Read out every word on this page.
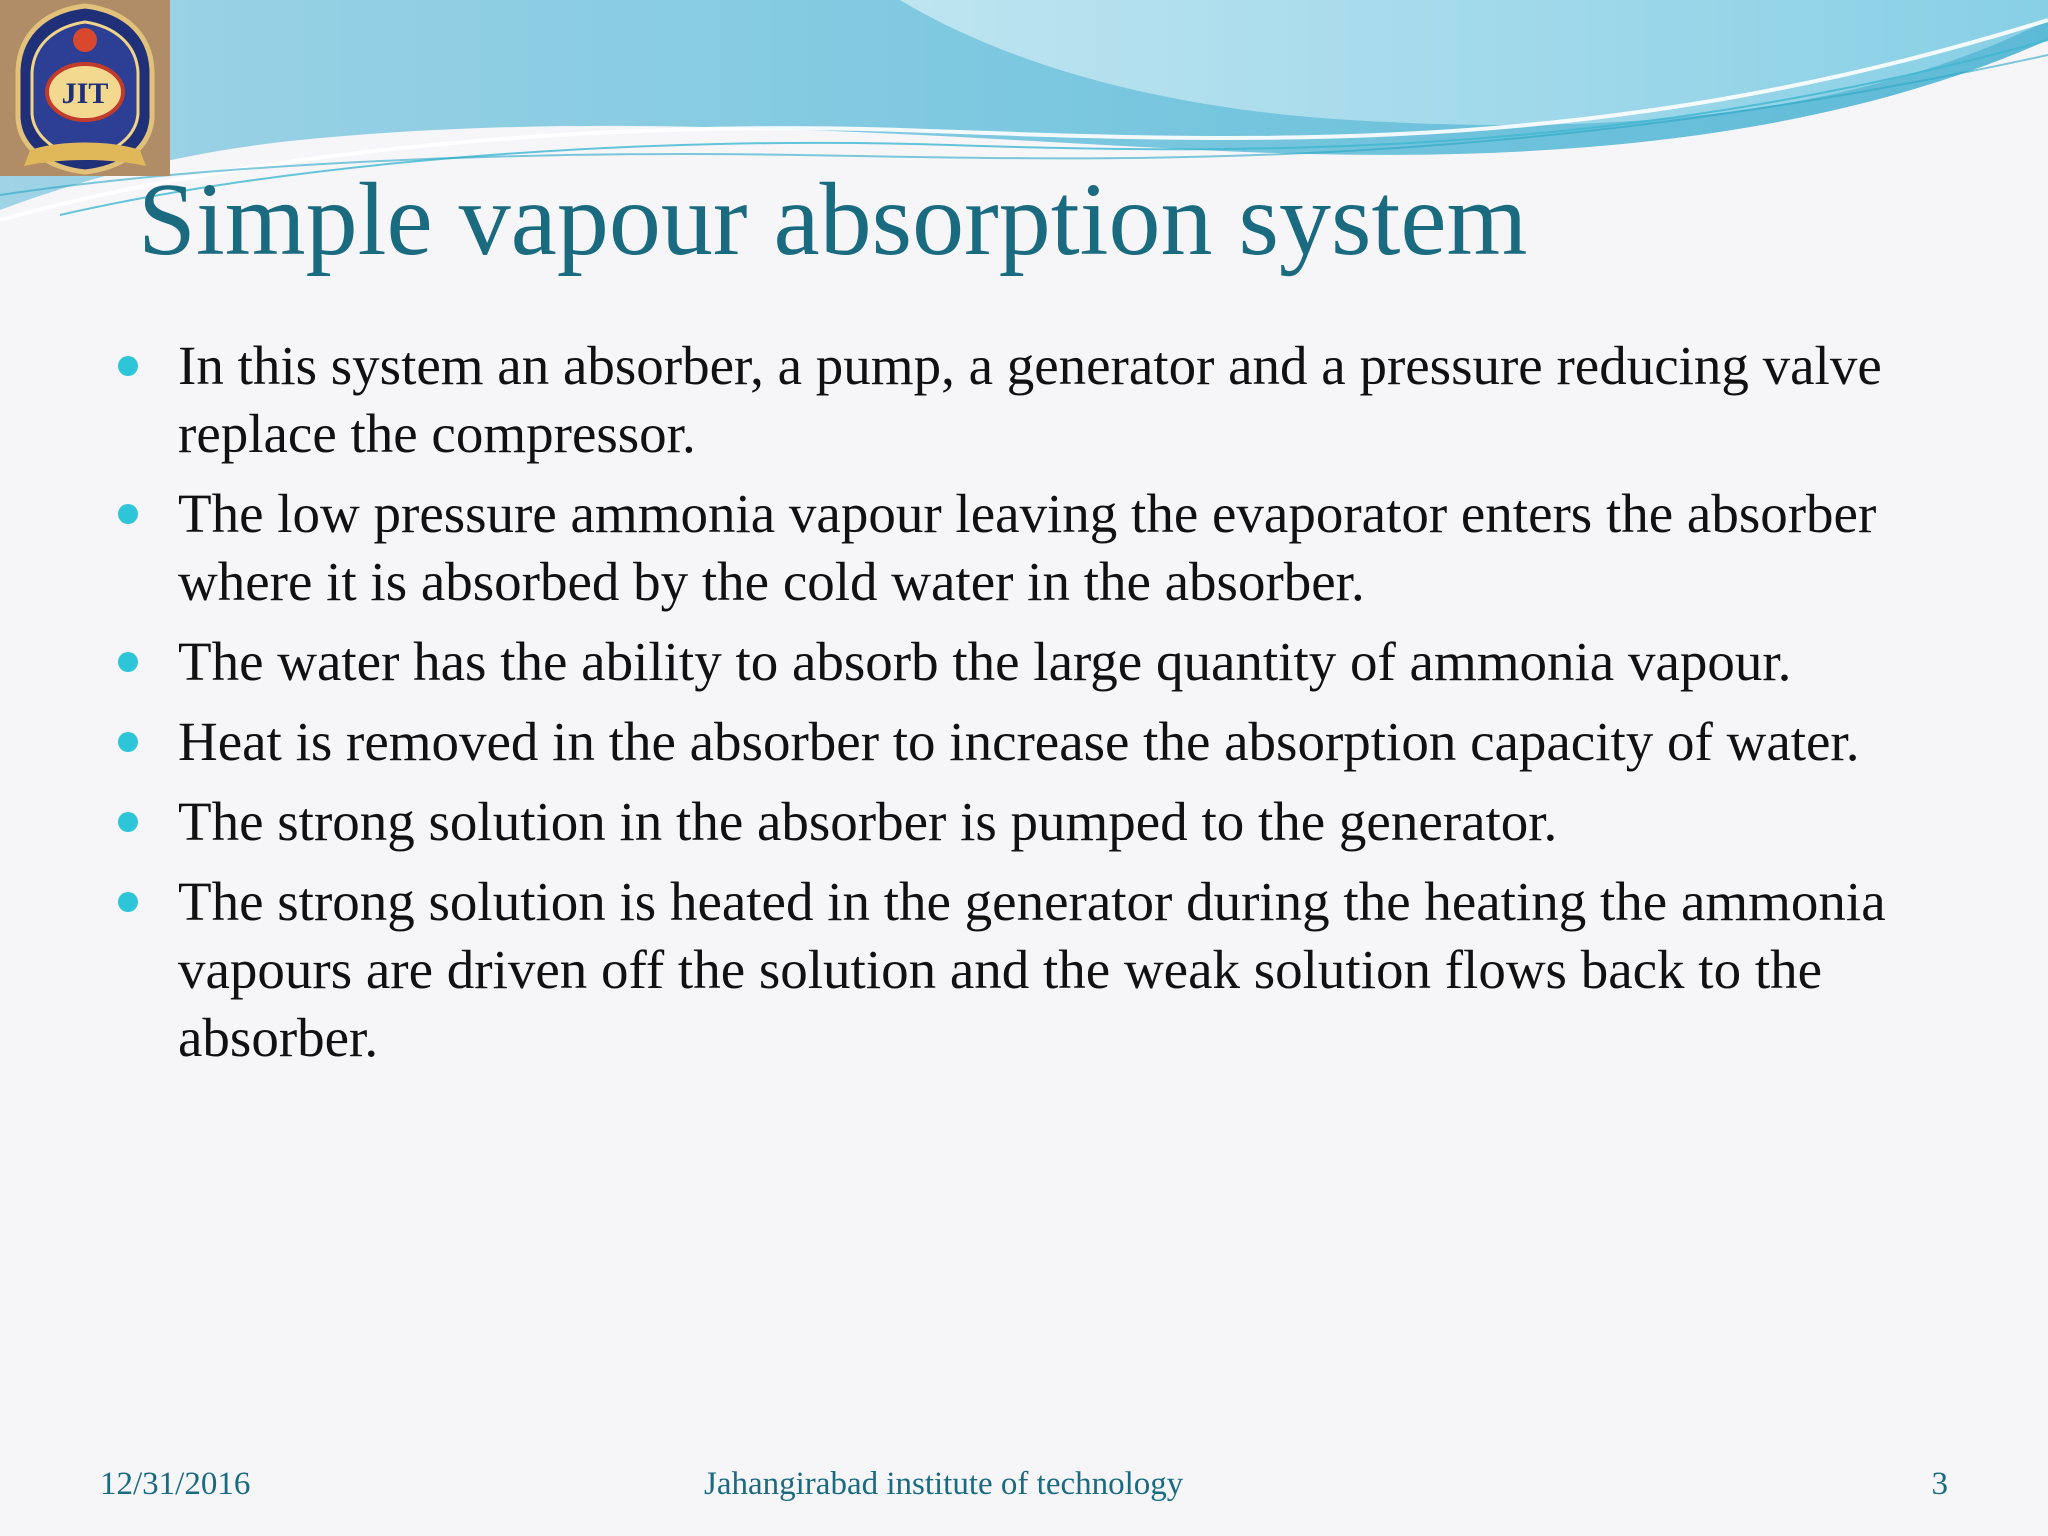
JIT
Simple vapour absorption system
In this system an absorber, a pump, a generator and a pressure reducing valve replace the compressor.
The low pressure ammonia vapour leaving the evaporator enters the absorber where it is absorbed by the cold water in the absorber.
The water has the ability to absorb the large quantity of ammonia vapour.
Heat is removed in the absorber to increase the absorption capacity of water.
The strong solution in the absorber is pumped to the generator.
The strong solution is heated in the generator during the heating the ammonia vapours are driven off the solution and the weak solution flows back to the absorber.
12/31/2016	Jahangirabad institute of technology	3
